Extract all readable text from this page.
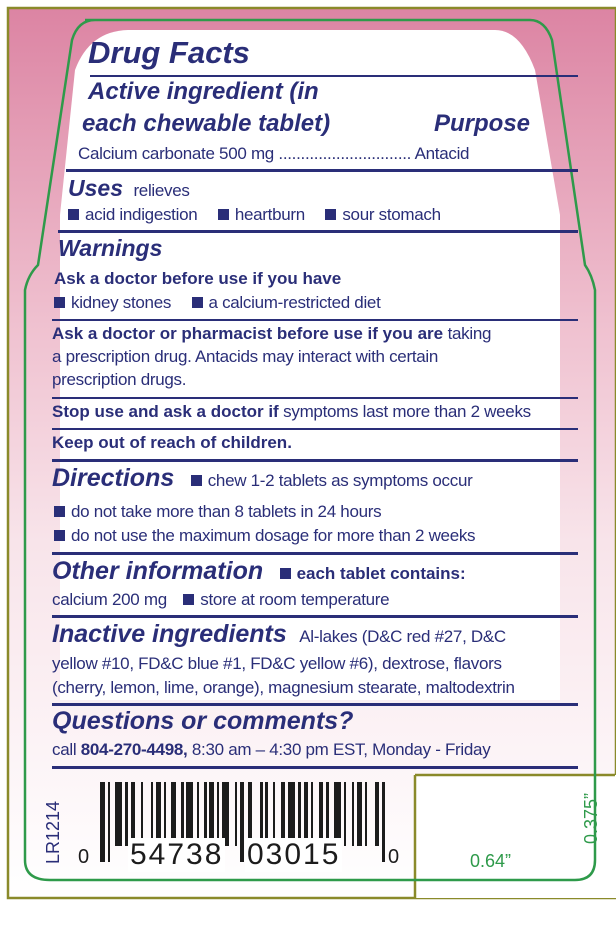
Drug Facts
Active ingredient (in
each chewable tablet)	Purpose
Calcium carbonate 500 mg .............................. Antacid
Uses relieves
acid indigestion heartburn sour stomach
Warnings
Ask a doctor before use if you have
kidney stones a calcium-restricted diet
Ask a doctor or pharmacist before use if you are taking
a prescription drug. Antacids may interact with certain
prescription drugs.
Stop use and ask a doctor if symptoms last more than 2 weeks
Keep out of reach of children.
Directions chew 1-2 tablets as symptoms occur
do not take more than 8 tablets in 24 hours
do not use the maximum dosage for more than 2 weeks
Other information each tablet contains:
calcium 200 mg store at room temperature
Inactive ingredients Al-lakes (D&C red #27, D&C
yellow #10, FD&C blue #1, FD&C yellow #6), dextrose, flavors
(cherry, lemon, lime, orange), magnesium stearate, maltodextrin
Questions or comments?
call 804-270-4498, 8:30 am – 4:30 pm EST, Monday - Friday
LR1214 0 54738 03015 0	0.64”
0.375”
